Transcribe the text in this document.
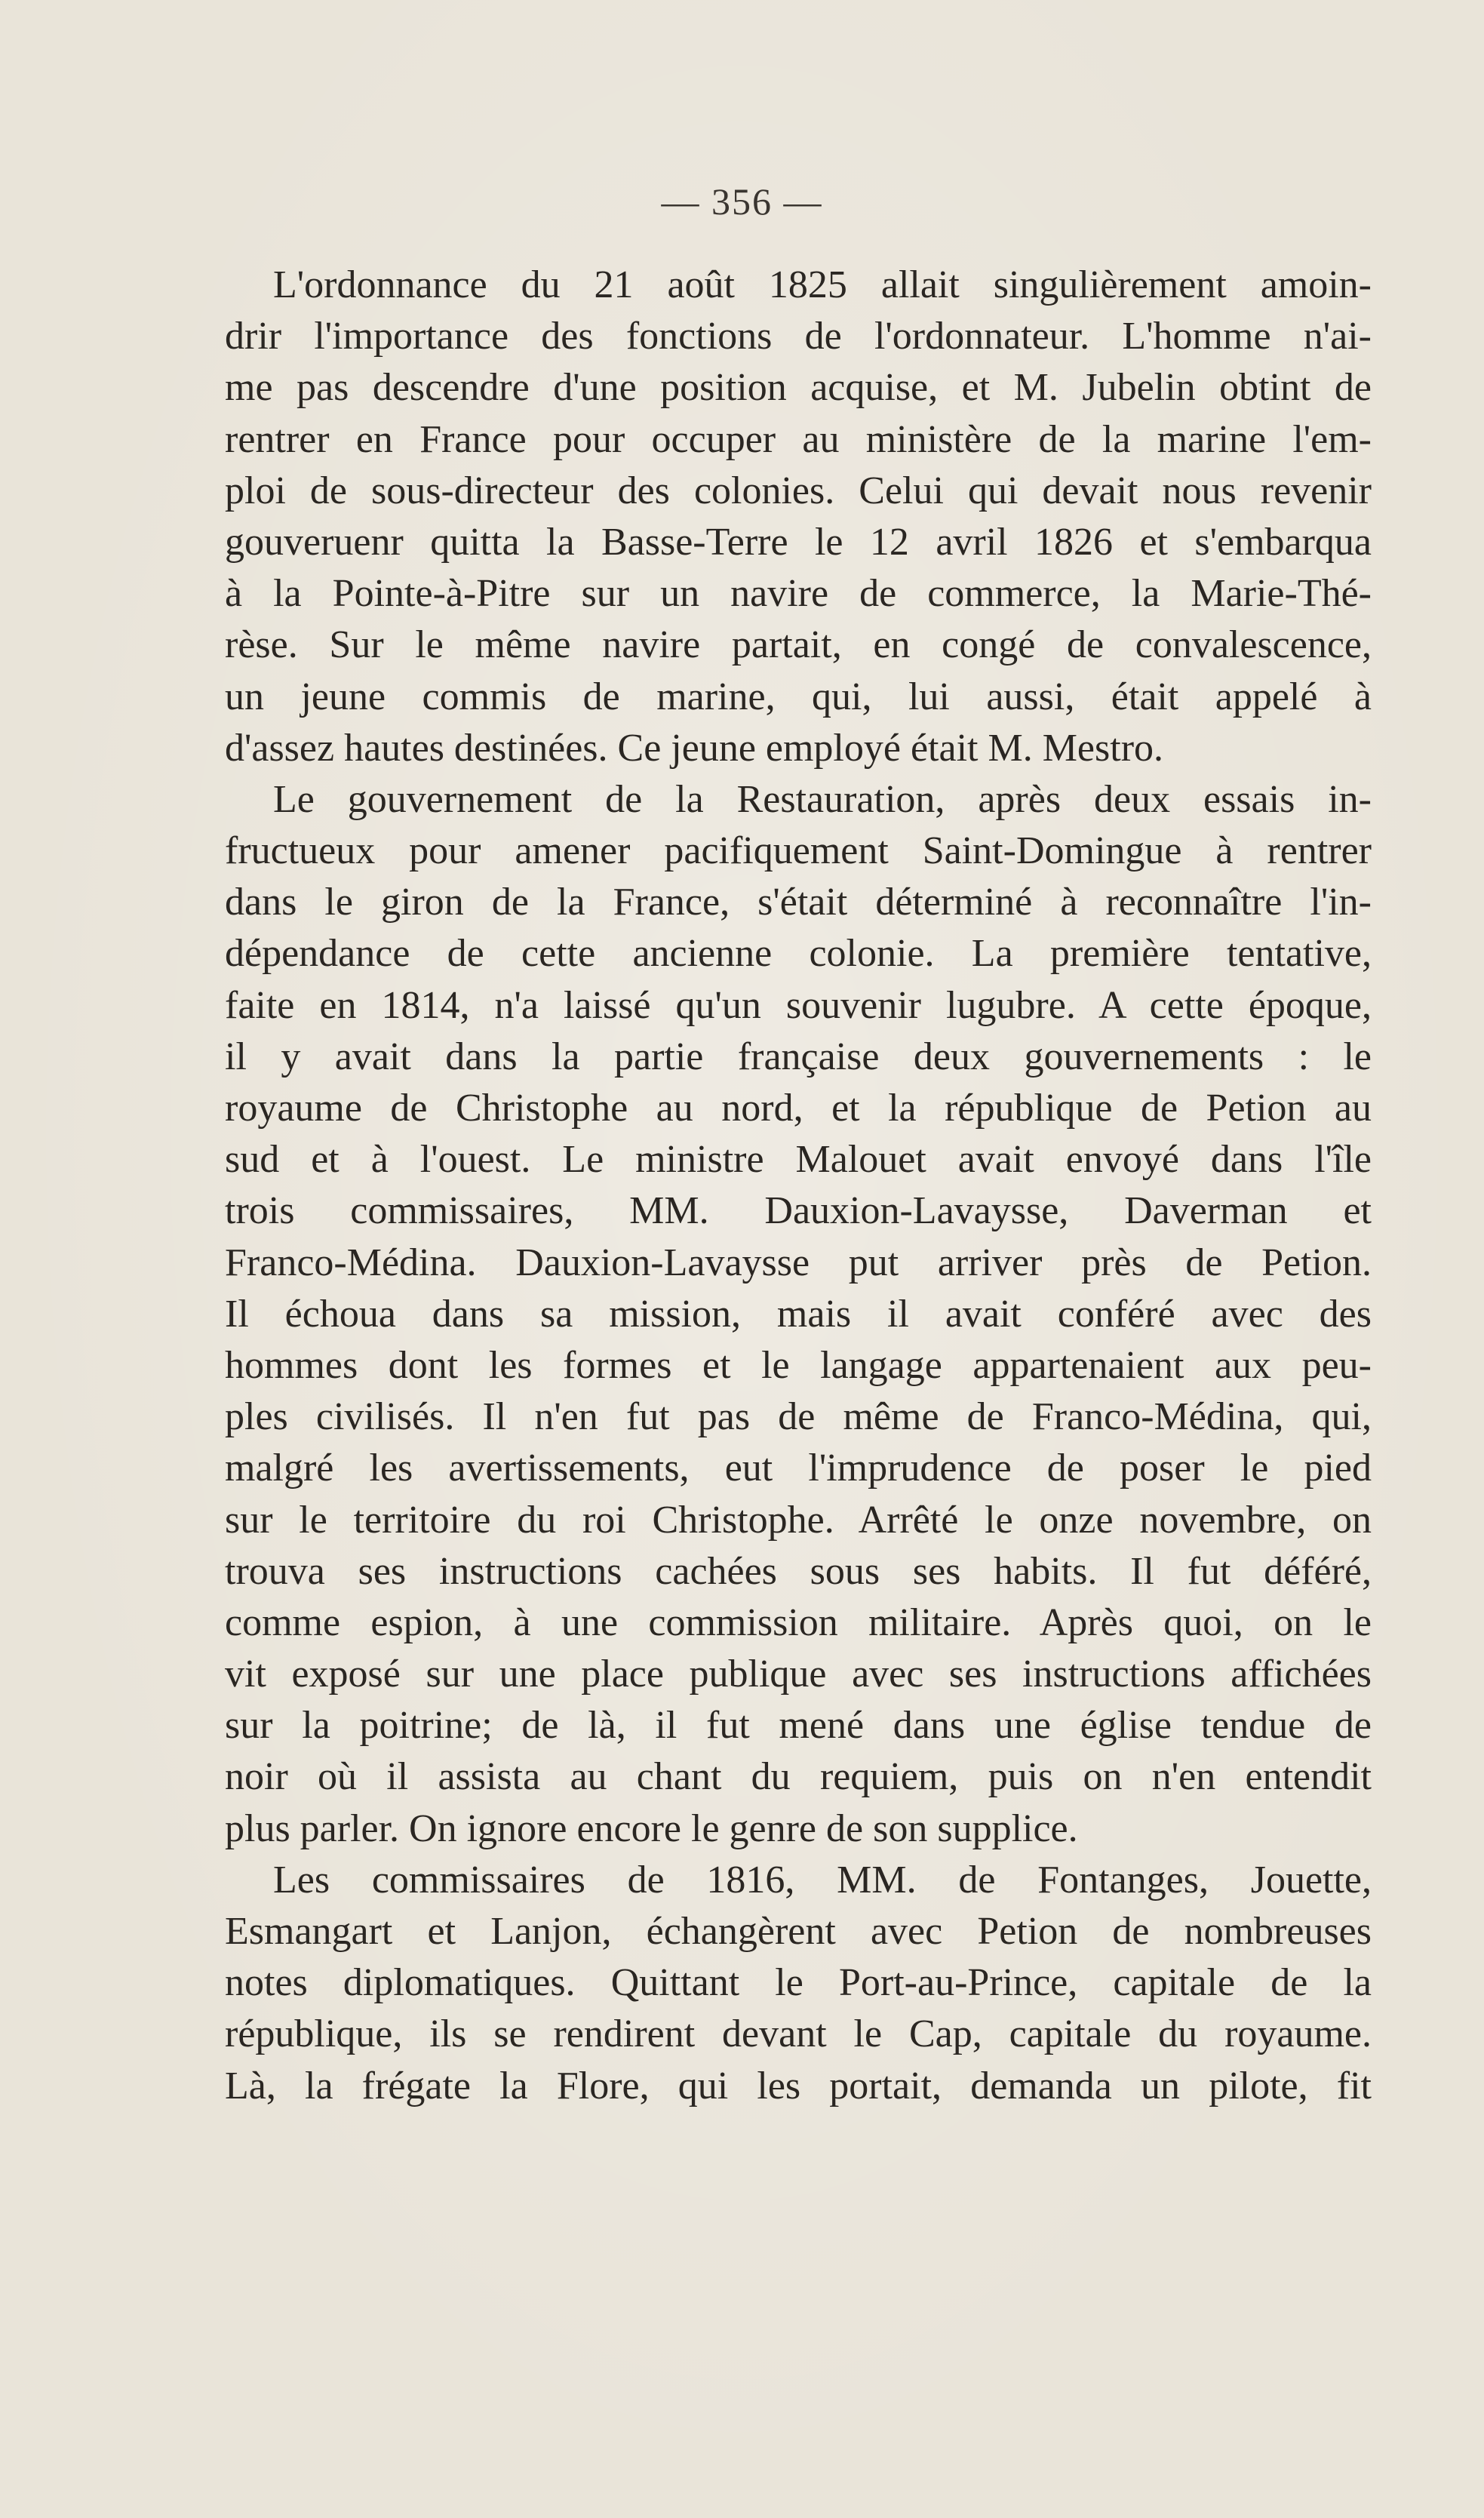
— 356 —
L'ordonnance du 21 août 1825 allait singulièrement amoin-
drir l'importance des fonctions de l'ordonnateur. L'homme n'ai-
me pas descendre d'une position acquise, et M. Jubelin obtint de
rentrer en France pour occuper au ministère de la marine l'em-
ploi de sous-directeur des colonies. Celui qui devait nous revenir
gouveruenr quitta la Basse-Terre le 12 avril 1826 et s'embarqua
à la Pointe-à-Pitre sur un navire de commerce, la Marie-Thé-
rèse. Sur le même navire partait, en congé de convalescence,
un jeune commis de marine, qui, lui aussi, était appelé à
d'assez hautes destinées. Ce jeune employé était M. Mestro.
Le gouvernement de la Restauration, après deux essais in-
fructueux pour amener pacifiquement Saint-Domingue à rentrer
dans le giron de la France, s'était déterminé à reconnaître l'in-
dépendance de cette ancienne colonie. La première tentative,
faite en 1814, n'a laissé qu'un souvenir lugubre. A cette époque,
il y avait dans la partie française deux gouvernements : le
royaume de Christophe au nord, et la république de Petion au
sud et à l'ouest. Le ministre Malouet avait envoyé dans l'île
trois commissaires, MM. Dauxion-Lavaysse, Daverman et
Franco-Médina. Dauxion-Lavaysse put arriver près de Petion.
Il échoua dans sa mission, mais il avait conféré avec des
hommes dont les formes et le langage appartenaient aux peu-
ples civilisés. Il n'en fut pas de même de Franco-Médina, qui,
malgré les avertissements, eut l'imprudence de poser le pied
sur le territoire du roi Christophe. Arrêté le onze novembre, on
trouva ses instructions cachées sous ses habits. Il fut déféré,
comme espion, à une commission militaire. Après quoi, on le
vit exposé sur une place publique avec ses instructions affichées
sur la poitrine; de là, il fut mené dans une église tendue de
noir où il assista au chant du requiem, puis on n'en entendit
plus parler. On ignore encore le genre de son supplice.
Les commissaires de 1816, MM. de Fontanges, Jouette,
Esmangart et Lanjon, échangèrent avec Petion de nombreuses
notes diplomatiques. Quittant le Port-au-Prince, capitale de la
république, ils se rendirent devant le Cap, capitale du royaume.
Là, la frégate la Flore, qui les portait, demanda un pilote, fit
